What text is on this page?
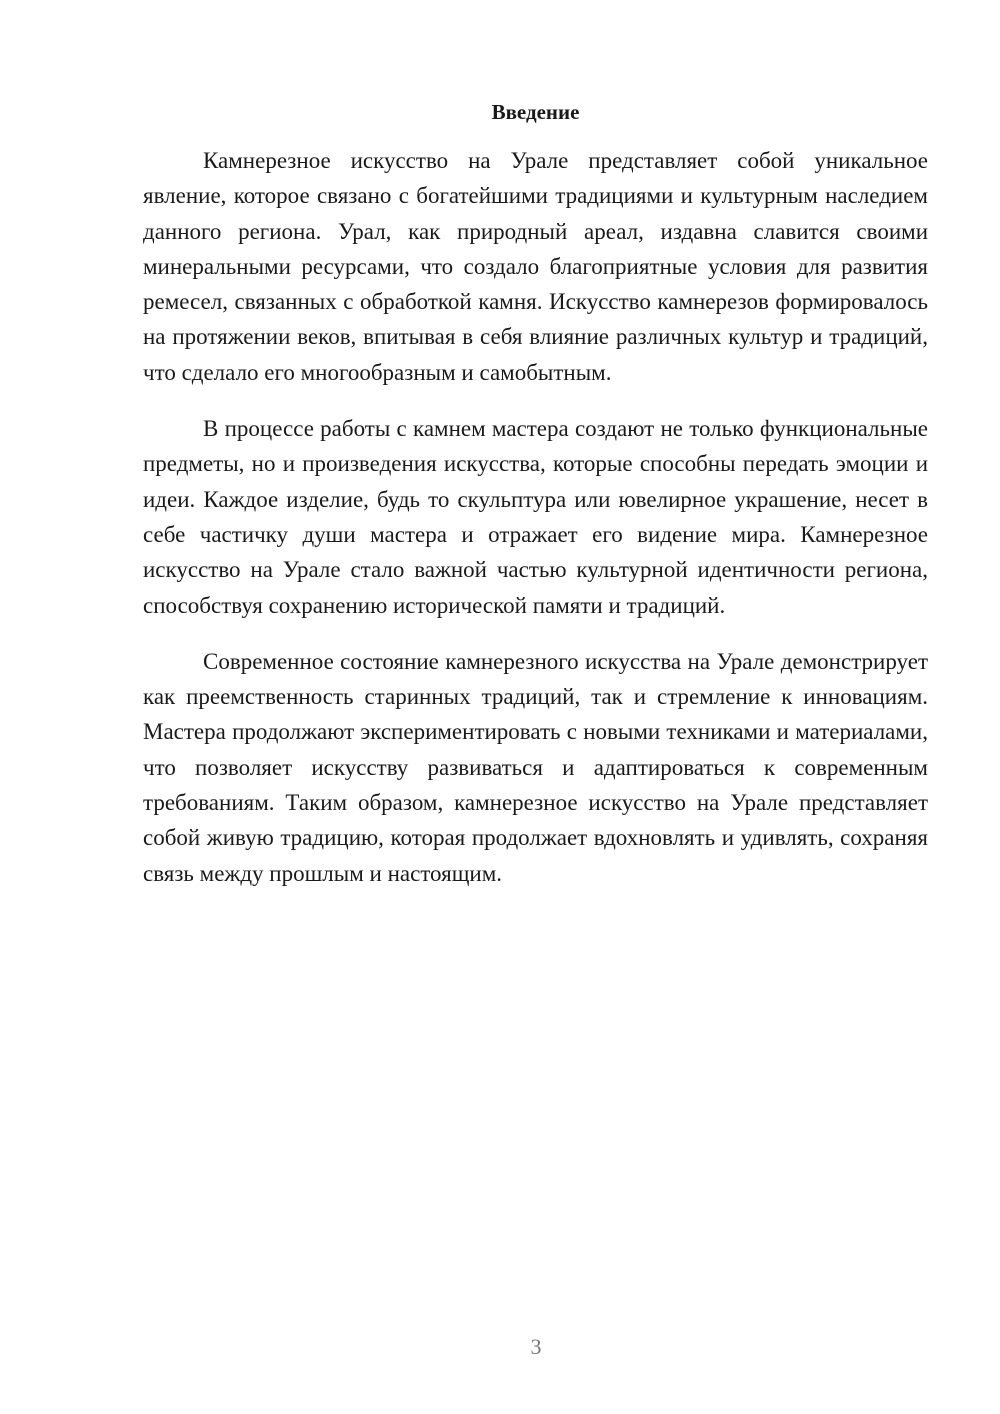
Введение

Камнерезное искусство на Урале представляет собой уникальное явление, которое связано с богатейшими традициями и культурным наследием данного региона. Урал, как природный ареал, издавна славится своими минеральными ресурсами, что создало благоприятные условия для развития ремесел, связанных с обработкой камня. Искусство камнерезов формировалось на протяжении веков, впитывая в себя влияние различных культур и традиций, что сделало его многообразным и самобытным.

В процессе работы с камнем мастера создают не только функциональные предметы, но и произведения искусства, которые способны передать эмоции и идеи. Каждое изделие, будь то скульптура или ювелирное украшение, несет в себе частичку души мастера и отражает его видение мира. Камнерезное искусство на Урале стало важной частью культурной идентичности региона, способствуя сохранению исторической памяти и традиций.

Современное состояние камнерезного искусства на Урале демонстрирует как преемственность старинных традиций, так и стремление к инновациям. Мастера продолжают экспериментировать с новыми техниками и материалами, что позволяет искусству развиваться и адаптироваться к современным требованиям. Таким образом, камнерезное искусство на Урале представляет собой живую традицию, которая продолжает вдохновлять и удивлять, сохраняя связь между прошлым и настоящим.

3
